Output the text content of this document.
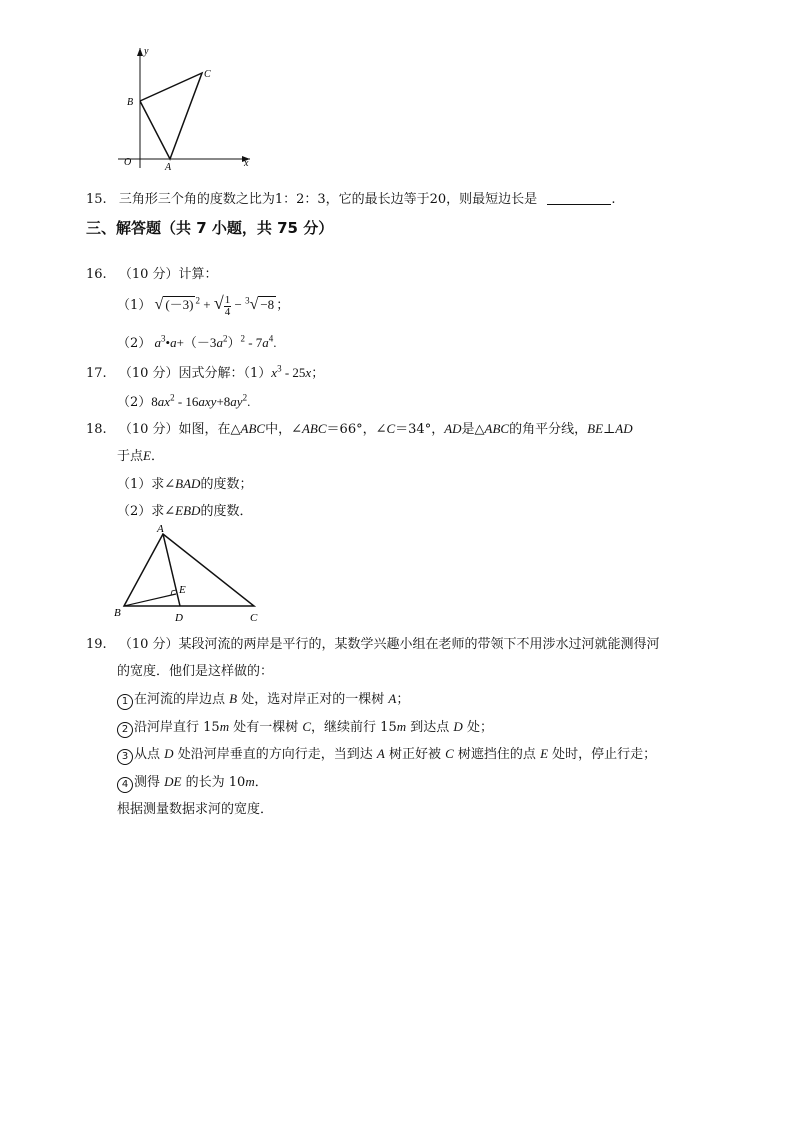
y
x
O	A
B
C
15. 三角形三个角的度数之比为1：2：3，它的最长边等于20，则最短边长是	.
三、解答题（共 7 小题，共 75 分）
16. （10 分）计算：
（1） √ (－3) $^2$ + √ $\frac{1}{4} - ^3√ -8$ ；
（2） $a^3•a+(-3a^2)^2 - 7a^4$.
17. （10 分）因式分解：$(1)x^3 - 25x$；
$(2)8ax^2 - 16axy+8ay^2$.
18. （10 分）如图，在△ABC中，∠ABC＝66°，∠C＝34°，AD是△ABC的角平分线，BE⊥AD
于点E．
（1）求∠BAD的度数；
（2）求∠EBD的度数．
A
B	C
D
E
19. （10 分）某段河流的两岸是平行的，某数学兴趣小组在老师的带领下不用涉水过河就能测得河
的宽度．他们是这样做的：
1 在河流的岸边点 B 处，选对岸正对的一棵树 A；
2 沿河岸直行 15m 处有一棵树 C，继续前行 15m 到达点 D 处；
3 从点 D 处沿河岸垂直的方向行走，当到达 A 树正好被 C 树遮挡住的点 E 处时，停止行走；
4 测得 DE 的长为 10m．
根据测量数据求河的宽度．
